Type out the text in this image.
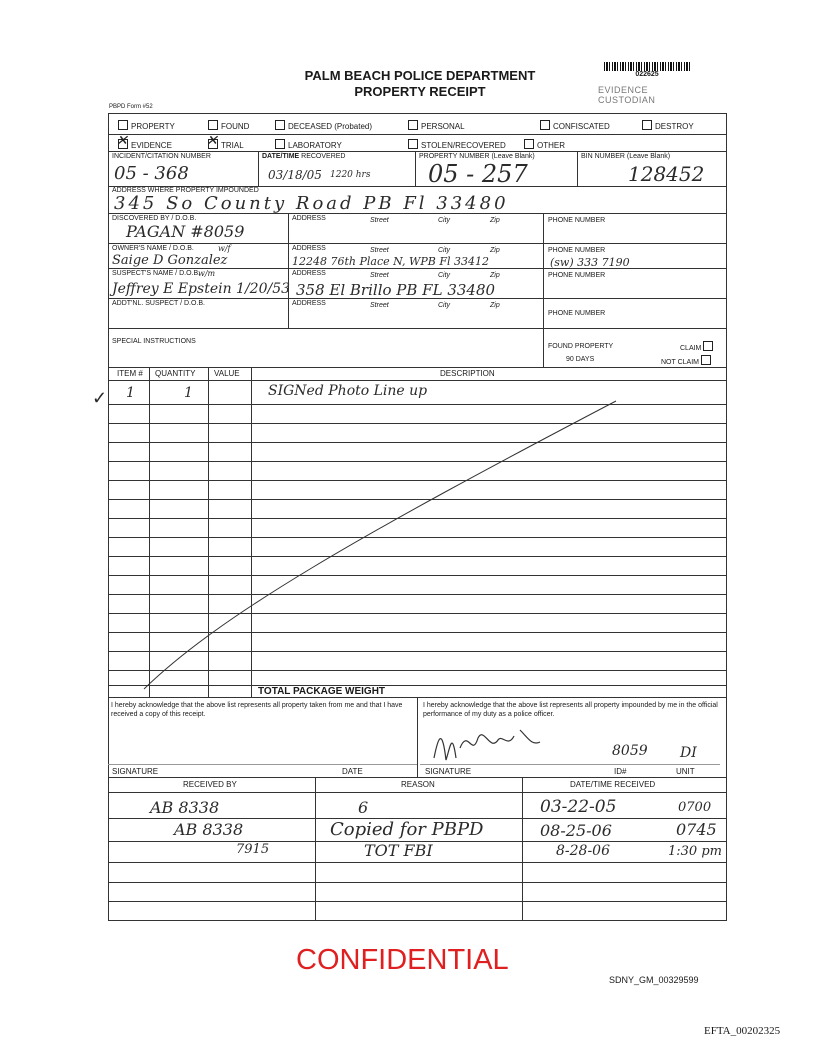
PALM BEACH POLICE DEPARTMENT
PROPERTY RECEIPT
022625
EVIDENCE CUSTODIAN
PBPD Form #52
PROPERTY	FOUND	DECEASED (Probated)	PERSONAL	CONFISCATED	DESTROY
✕EVIDENCE
✕	TRIAL	LABORATORY	STOLEN/RECOVERED	OTHER
INCIDENT/CITATION NUMBER	DATE/TIME RECOVERED	PROPERTY NUMBER (Leave Blank)	BIN NUMBER (Leave Blank)
05 - 368	03/18/05 1220 hrs 05 - 257	128452
ADDRESS WHERE PROPERTY IMPOUNDED
345 So County Road PB Fl 33480
DISCOVERED BY / D.O.B.
PAGAN #8059
ADDRESS	Street	City	Zip	PHONE NUMBER
OWNER'S NAME / D.O.B.	w/f
Saige D Gonzalez
ADDRESS	Street	City	Zip
12248 76th Place N, WPB Fl 33412
PHONE NUMBER
(sw) 333 7190
SUSPECT'S NAME / D.O.B.
w/m
Jeffrey E Epstein 1/20/53
ADDRESS	Street	City	Zip
358 El Brillo PB FL 33480
PHONE NUMBER
ADDT'NL. SUSPECT / D.O.B.	ADDRESS	Street	City	Zip
PHONE NUMBER
SPECIAL INSTRUCTIONS
FOUND PROPERTY	CLAIM
90 DAYS	NOT CLAIM
ITEM # QUANTITY VALUE	DESCRIPTION
✓ 1	1	SIGNed Photo Line up
TOTAL PACKAGE WEIGHT
I hereby acknowledge that the above list represents all property taken from me and that I have received a copy of this receipt.
I hereby acknowledge that the above list represents all property impounded by me in the official performance of my duty as a police officer.
SIGNATURE	DATE	SIGNATURE
8059 DI
ID#	UNIT
RECEIVED BY	REASON	DATE/TIME RECEIVED
AB 8338	6	03-22-05	0700
AB 8338	Copied for PBPD	08-25-06	0745
7915	TOT FBI	8-28-06	1:30 pm
CONFIDENTIAL
SDNY_GM_00329599
EFTA_00202325
